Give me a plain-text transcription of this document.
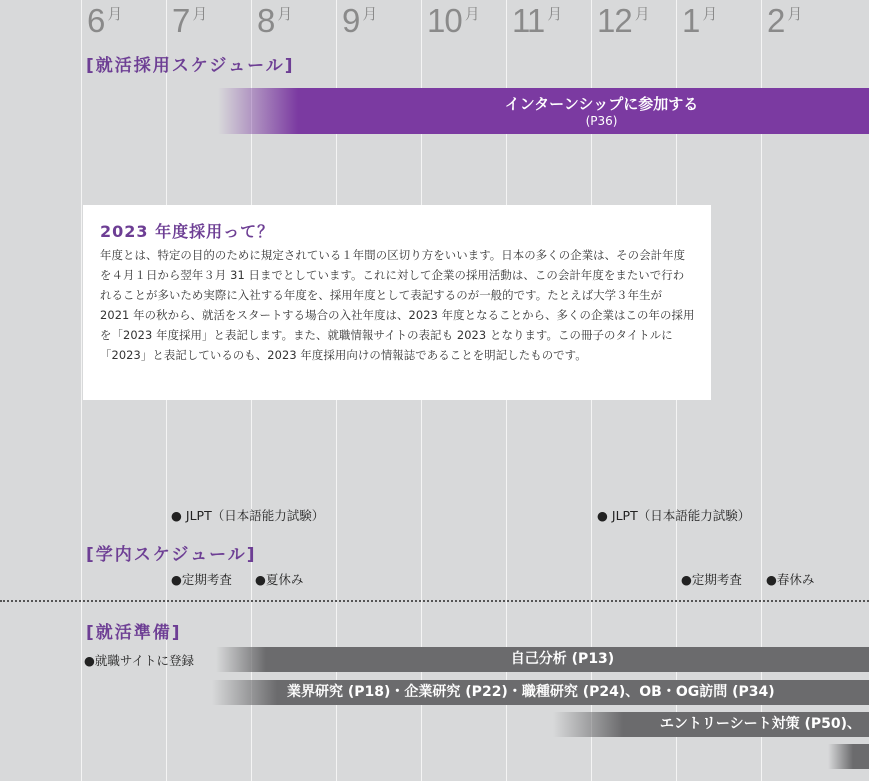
6 月 7 月 8 月 9 月 10 月 11 月 12 月 1 月 2 月
[就活採用スケジュール]
インターンシップに参加する
(P36)
2023 年度採用って？

年度とは、特定の目的のために規定されている１年間の区切り方をいいます。日本の多くの企業は、その会計年度を４月１日から翌年３月 31 日までとしています。これに対して企業の採用活動は、この会計年度をまたいで行われることが多いため実際に入社する年度を、採用年度として表記するのが一般的です。たとえば大学３年生が 2021 年の秋から、就活をスタートする場合の入社年度は、2023 年度となることから、多くの企業はこの年の採用を「2023 年度採用」と表記します。また、就職情報サイトの表記も 2023 となります。この冊子のタイトルに「2023」と表記しているのも、2023 年度採用向けの情報誌であることを明記したものです。

● JLPT（日本語能力試験）	● JLPT（日本語能力試験）
[学内スケジュール]
●定期考査 ●夏休み	●定期考査 ●春休み
[就活準備]
●就職サイトに登録	自己分析 (P13)
業界研究 (P18)・企業研究 (P22)・職種研究 (P24)、OB・OG訪問 (P34)
エントリーシート対策 (P50)、
